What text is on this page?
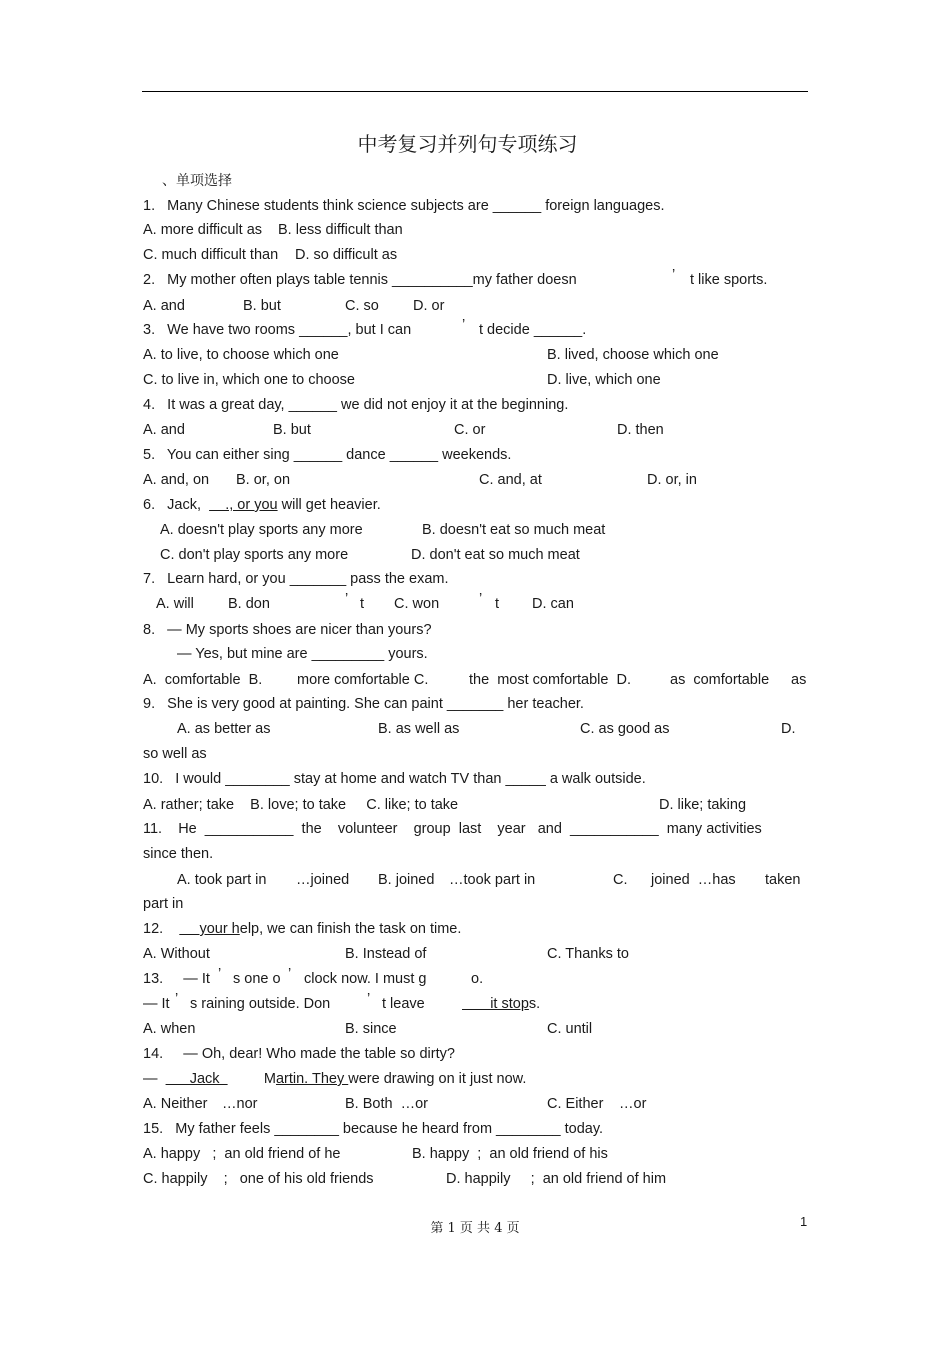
中考复习并列句专项练习
、单项选择
1.   Many Chinese students think science subjects are ______ foreign languages.
A. more difficult as B. less difficult than
C. much difficult than D. so difficult as
2.   My mother often plays table tennis __________my father doesn	’ t like sports.
A. and	B. but	C. so D. or
3.   We have two rooms ______, but I can	’ t decide ______.
A. to live, to choose which one	B. lived, choose which one
C. to live in, which one to choose	D. live, which one
4.   It was a great day, ______ we did not enjoy it at the beginning.
A. and	B. but	C. or	D. then
5.   You can either sing ______ dance ______ weekends.
A. and, on B. or, on	C. and, at	D. or, in
6.   Jack,      ., or you will get heavier.
A. doesn't play sports any more	B. doesn't eat so much meat
C. don't play sports any more	D. don't eat so much meat
7.   Learn hard, or you _______ pass the exam.
A. will B. don	’ t C. won	’ t D. can
8.   — My sports shoes are nicer than yours?
— Yes, but mine are _________ yours.
A.  comfortable  B. more comfortable C.	the  most comfortable  D.	as  comfortable as
9.   She is very good at painting. She can paint _______ her teacher.
A. as better as	B. as well as	C. as good as	D.
so well as
10.   I would ________ stay at home and watch TV than _____ a walk outside.
A. rather; take    B. love; to take     C. like; to take	D. like; taking
11.    He  ___________  the    volunteer    group  last    year   and  ___________  many activities
since then.
A. took part in …joined B. joined …took part in	C. joined  …has taken
part in
12.         your help, we can finish the task on time.
A. Without	B. Instead of	C. Thanks to
13.     — It ’ s one o ’ clock now. I must g	o.
— It ’ s raining outside. Don	’ t leave	it stops.
A. when	B. since	C. until
14.     — Oh, dear! Who made the table so dirty?
—        Jack	Martin. They were drawing on it just now.
A. Neither …nor	B. Both  …or	C. Either …or
15.   My father feels ________ because he heard from ________ today.
A. happy   ;  an old friend of he	B. happy  ;  an old friend of his
C. happily    ;   one of his old friends	D. happily     ;  an old friend of him
第 1 页 共 4 页	1
